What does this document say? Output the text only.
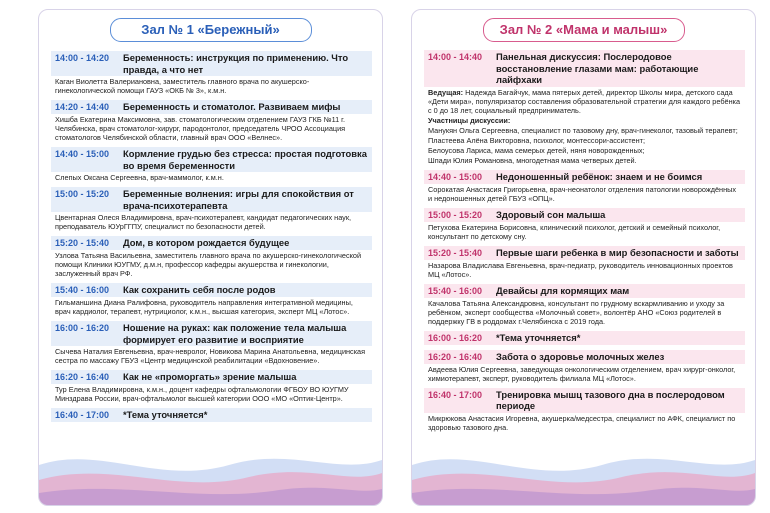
Зал № 1 «Бережный»
14:00 - 14:20	Беременность: инструкция по применению. Что правда, а что нет
Каган Виолетта Валериановна, заместитель главного врача по акушерско-гинекологической помощи ГАУЗ «ОКБ № 3», к.м.н.
14:20 - 14:40	Беременность и стоматолог. Развиваем мифы
Хишба Екатерина Максимовна, зав. стоматологическим отделением ГАУЗ ГКБ №11 г. Челябинска, врач стоматолог-хирург, пародонтолог, председатель ЧРОО Ассоциация стоматологов Челябинской области, главный врач ООО «Велнес».
14:40 - 15:00	Кормление грудью без стресса: простая подготовка во время беременности
Слепых Оксана Сергеевна, врач-маммолог, к.м.н.
15:00 - 15:20	Беременные волнения: игры для спокойствия от врача-психотерапевта
Цвентарная Олеся Владимировна, врач-психотерапевт, кандидат педагогических наук, преподаватель ЮУрГГПУ, специалист по безопасности детей.
15:20 - 15:40	Дом, в котором рождается будущее
Узлова Татьяна Васильевна, заместитель главного врача по акушерско-гинекологической помощи Клиники ЮУГМУ, д.м.н, профессор кафедры акушерства и гинекологии, заслуженный врач РФ.
15:40 - 16:00	Как сохранить себя после родов
Гильманшина Диана Ралифовна, руководитель направления интегративной медицины, врач кардиолог, терапевт, нутрициолог, к.м.н., высшая категория, эксперт МЦ «Лотос».
16:00 - 16:20	Ношение на руках: как положение тела малыша формирует его развитие и восприятие
Сычева Наталия Евгеньевна, врач-невролог, Новикова Марина Анатольевна, медицинская сестра по массажу ГБУЗ «Центр медицинской реабилитации «Вдохновение».
16:20 - 16:40	Как не «проморгать» зрение малыша
Тур Елена Владимировна, к.м.н., доцент кафедры офтальмологии ФГБОУ ВО ЮУГМУ Минздрава России, врач-офтальмолог высшей категории ООО «МО «Оптик-Центр».
16:40 - 17:00	*Тема уточняется*
Зал № 2 «Мама и малыш»
14:00 - 14:40	Панельная дискуссия: Послеродовое восстановление глазами мам: работающие лайфхаки
Ведущая: Надежда Багайчук, мама пятерых детей, директор Школы мира, детского сада «Дети мира», популяризатор составления образовательной стратегии для каждого ребёнка с 0 до 18 лет, социальный предприниматель.
Участницы дискуссии:
Манукян Ольга Сергеевна, специалист по тазовому дну, врач-гинеколог, тазовый терапевт;
Пластеева Алёна Викторовна, психолог, монтессори-ассистент;
Белоусова Лариса, мама семерых детей, няня новорожденных;
Шпади Юлия Романовна, многодетная мама четверых детей.
14:40 - 15:00	Недоношенный ребёнок: знаем и не боимся
Сорокатая Анастасия Григорьевна, врач-неонатолог отделения патологии новорождённых и недоношенных детей ГБУЗ «ОПЦ».
15:00 - 15:20	Здоровый сон малыша
Петухова Екатерина Борисовна, клинический психолог, детский и семейный психолог, консультант по детскому сну.
15:20 - 15:40	Первые шаги ребенка в мир безопасности и заботы
Назарова Владислава Евгеньевна, врач-педиатр, руководитель инновационных проектов МЦ «Лотос».
15:40 - 16:00	Девайсы для кормящих мам
Качалова Татьяна Александровна, консультант по грудному вскармливанию и уходу за ребёнком, эксперт сообщества «Молочный совет», волонтёр АНО «Союз родителей в поддержку ГВ в роддомах г.Челябинска с 2019 года.
16:00 - 16:20	*Тема уточняется*
16:20 - 16:40	Забота о здоровье молочных желез
Авдеева Юлия Сергеевна, заведующая онкологическим отделением, врач хирург-онколог, химиотерапевт, эксперт, руководитель филиала МЦ «Лотос».
16:40 - 17:00	Тренировка мышц тазового дна в послеродовом периоде
Микрюкова Анастасия Игоревна, акушерка/медсестра, специалист по АФК, специалист по здоровью тазового дна.
